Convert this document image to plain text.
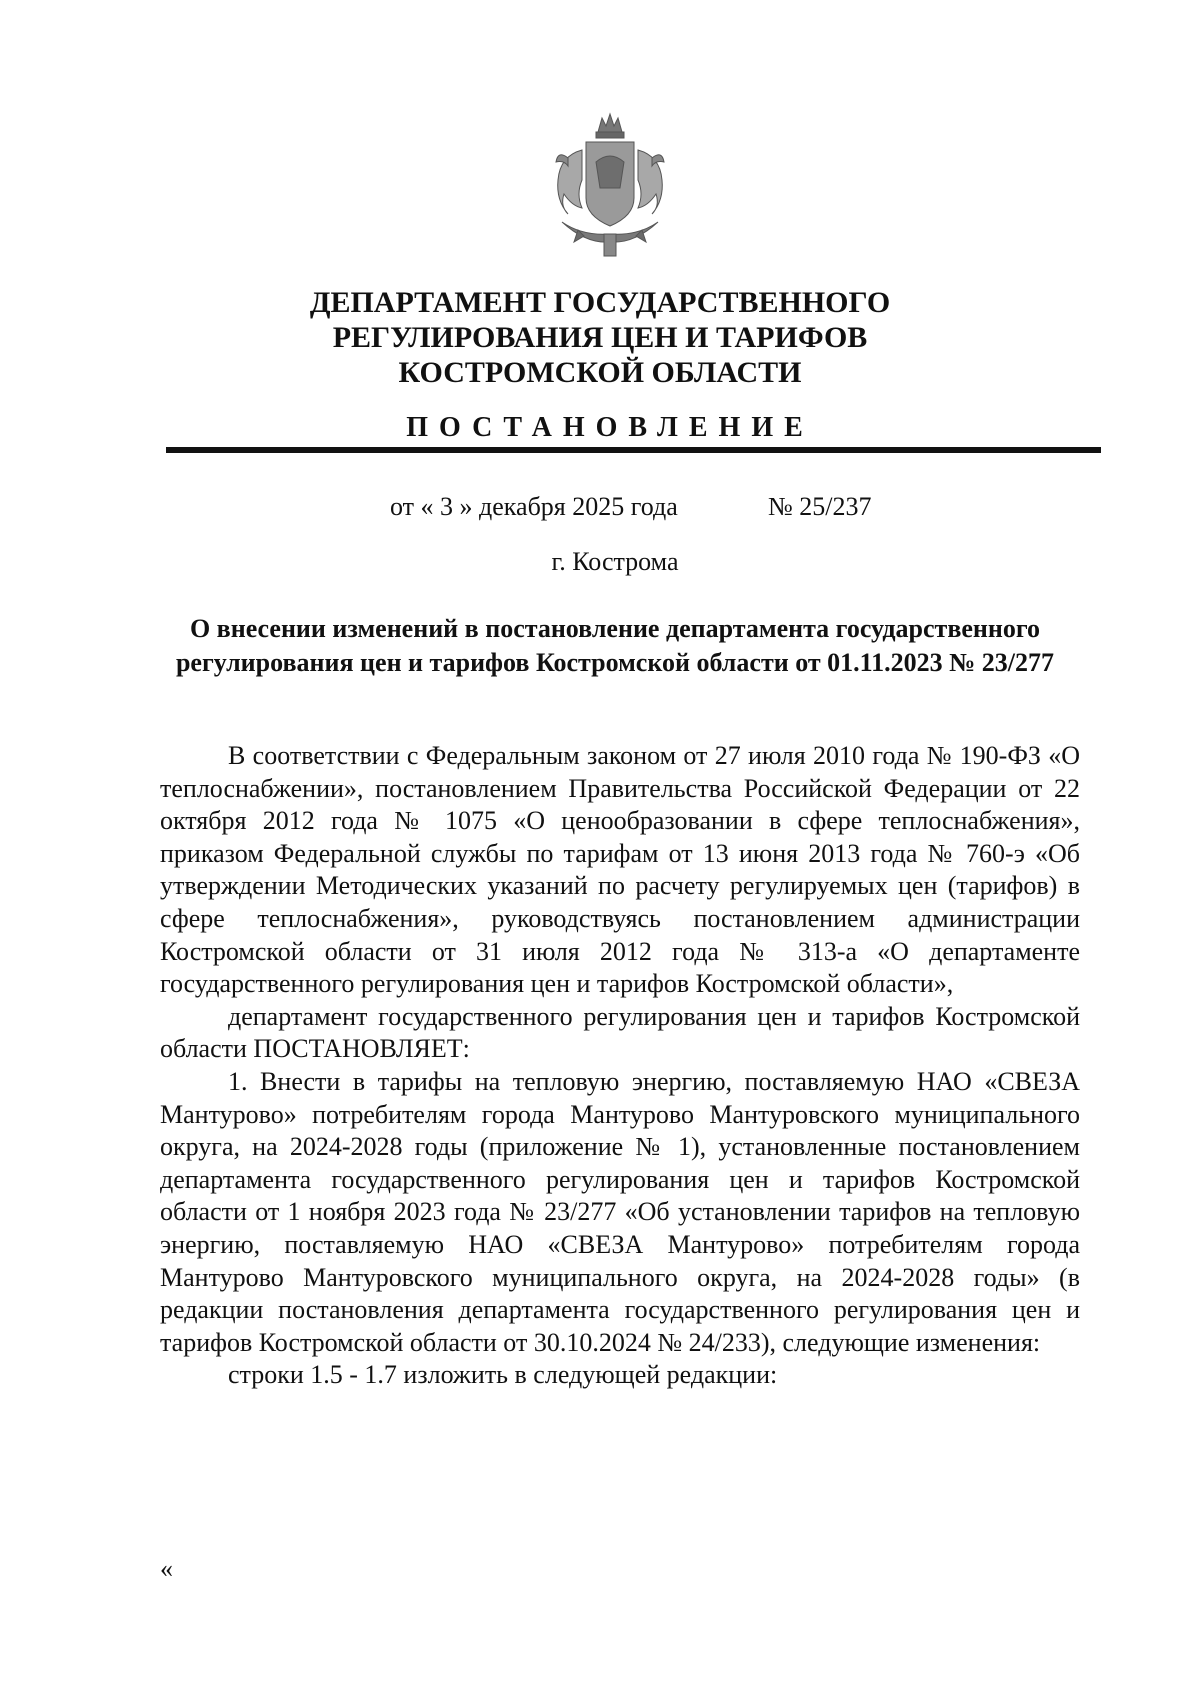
ДЕПАРТАМЕНТ ГОСУДАРСТВЕННОГО
РЕГУЛИРОВАНИЯ ЦЕН И ТАРИФОВ
КОСТРОМСКОЙ ОБЛАСТИ
ПОСТАНОВЛЕНИЕ
от « 3 » декабря 2025 года	№ 25/237
г. Кострома
О внесении изменений в постановление департамента государственного
регулирования цен и тарифов Костромской области от 01.11.2023 № 23/277

В соответствии с Федеральным законом от 27 июля 2010 года № 190-ФЗ «О теплоснабжении», постановлением Правительства Российской Федерации от 22 октября 2012 года № 1075 «О ценообразовании в сфере теплоснабжения», приказом Федеральной службы по тарифам от 13 июня 2013 года № 760-э «Об утверждении Методических указаний по расчету регулируемых цен (тарифов) в сфере теплоснабжения», руководствуясь постановлением администрации Костромской области от 31 июля 2012 года № 313-а «О департаменте государственного регулирования цен и тарифов Костромской области»,

департамент государственного регулирования цен и тарифов Костромской области ПОСТАНОВЛЯЕТ:

1. Внести в тарифы на тепловую энергию, поставляемую НАО «СВЕЗА Мантурово» потребителям города Мантурово Мантуровского муниципального округа, на 2024-2028 годы (приложение № 1), установленные постановлением департамента государственного регулирования цен и тарифов Костромской области от 1 ноября 2023 года № 23/277 «Об установлении тарифов на тепловую энергию, поставляемую НАО «СВЕЗА Мантурово» потребителям города Мантурово Мантуровского муниципального округа, на 2024-2028 годы» (в редакции постановления департамента государственного регулирования цен и тарифов Костромской области от 30.10.2024 № 24/233), следующие изменения:

строки 1.5 - 1.7 изложить в следующей редакции:

«
